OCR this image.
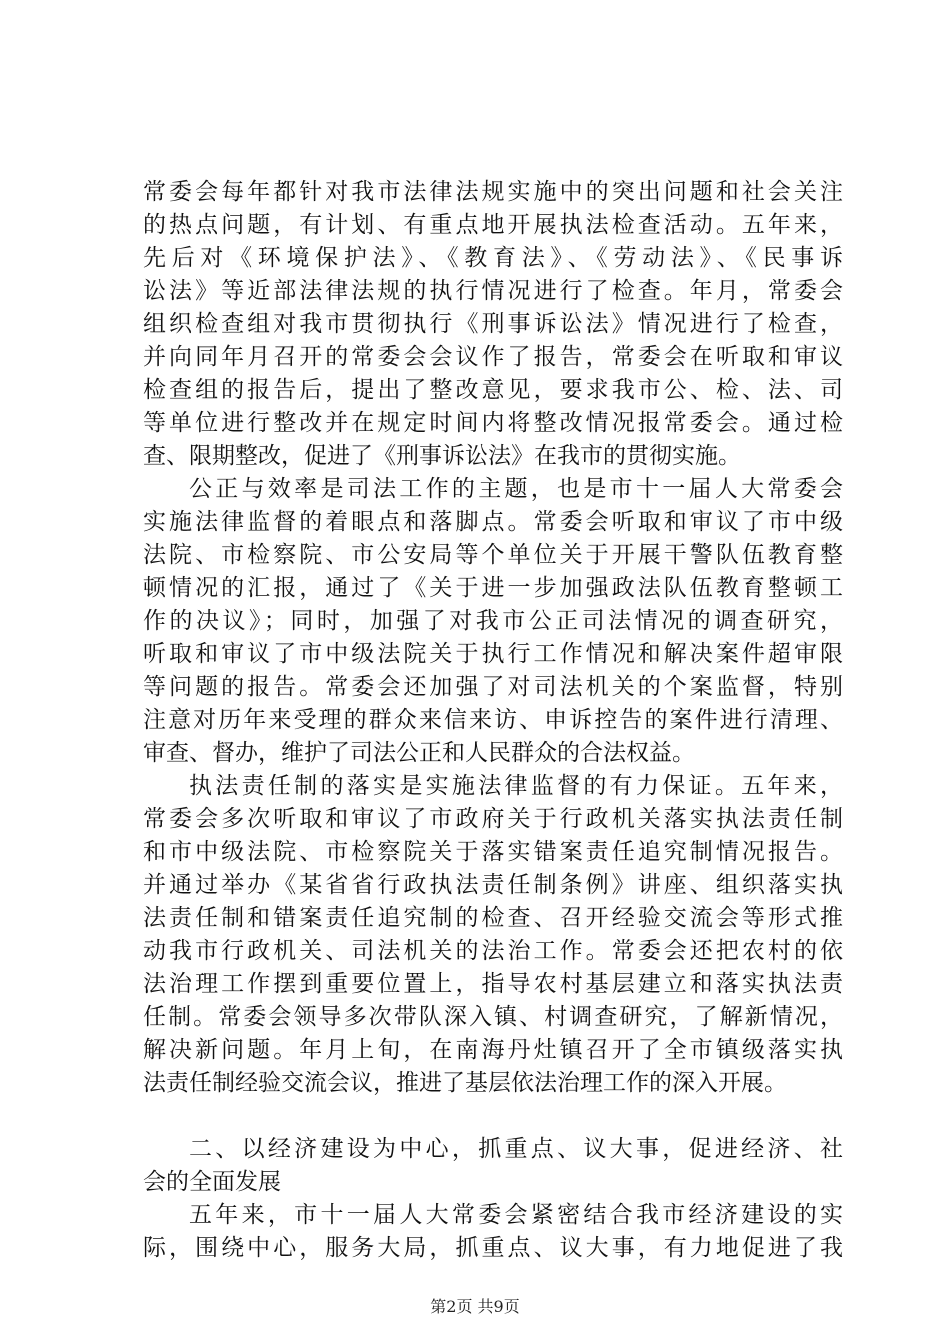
常委会每年都针对我市法律法规实施中的突出问题和社会关注
的热点问题，有计划、有重点地开展执法检查活动。五年来，
先后对《环境保护法》、《教育法》、《劳动法》、《民事诉
讼法》等近部法律法规的执行情况进行了检查。年月，常委会
组织检查组对我市贯彻执行《刑事诉讼法》情况进行了检查，
并向同年月召开的常委会会议作了报告，常委会在听取和审议
检查组的报告后，提出了整改意见，要求我市公、检、法、司
等单位进行整改并在规定时间内将整改情况报常委会。通过检
查、限期整改，促进了《刑事诉讼法》在我市的贯彻实施。
公正与效率是司法工作的主题，也是市十一届人大常委会
实施法律监督的着眼点和落脚点。常委会听取和审议了市中级
法院、市检察院、市公安局等个单位关于开展干警队伍教育整
顿情况的汇报，通过了《关于进一步加强政法队伍教育整顿工
作的决议》；同时，加强了对我市公正司法情况的调查研究，
听取和审议了市中级法院关于执行工作情况和解决案件超审限
等问题的报告。常委会还加强了对司法机关的个案监督，特别
注意对历年来受理的群众来信来访、申诉控告的案件进行清理、
审查、督办，维护了司法公正和人民群众的合法权益。
执法责任制的落实是实施法律监督的有力保证。五年来，
常委会多次听取和审议了市政府关于行政机关落实执法责任制
和市中级法院、市检察院关于落实错案责任追究制情况报告。
并通过举办《某省省行政执法责任制条例》讲座、组织落实执
法责任制和错案责任追究制的检查、召开经验交流会等形式推
动我市行政机关、司法机关的法治工作。常委会还把农村的依
法治理工作摆到重要位置上，指导农村基层建立和落实执法责
任制。常委会领导多次带队深入镇、村调查研究，了解新情况，
解决新问题。年月上旬，在南海丹灶镇召开了全市镇级落实执
法责任制经验交流会议，推进了基层依法治理工作的深入开展。
二、以经济建设为中心，抓重点、议大事，促进经济、社
会的全面发展
五年来，市十一届人大常委会紧密结合我市经济建设的实
际，围绕中心，服务大局，抓重点、议大事，有力地促进了我
第2页 共9页
